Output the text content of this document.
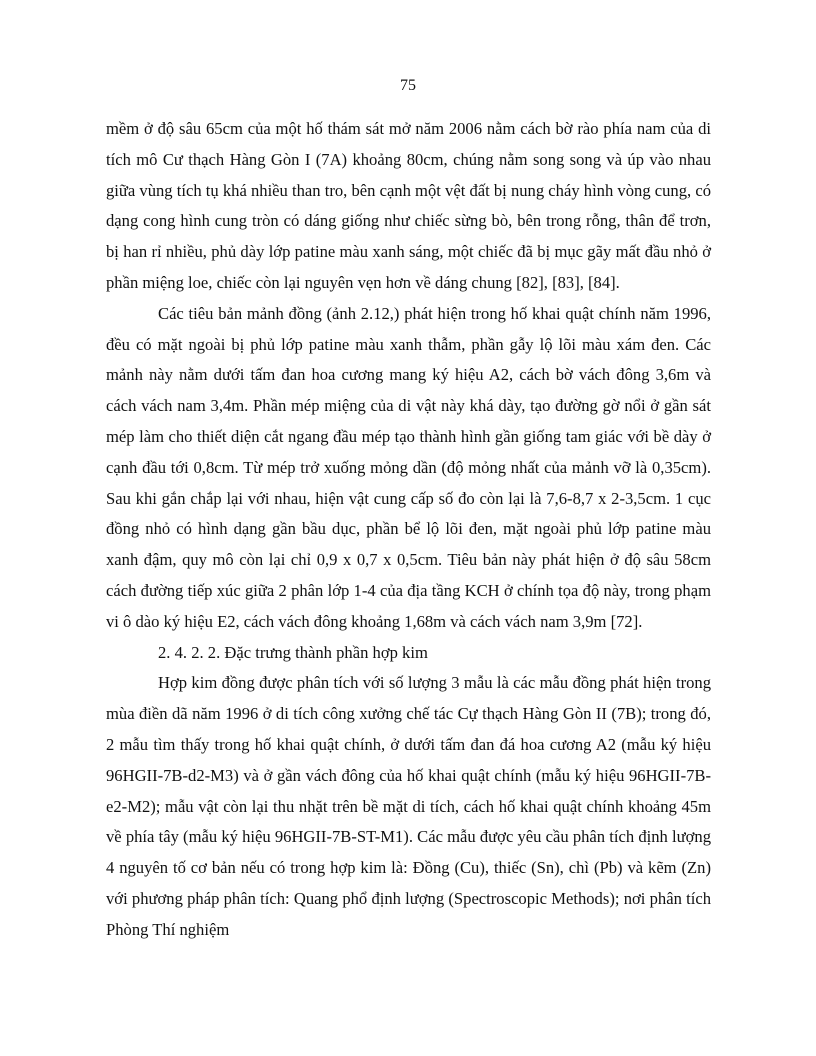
75

mềm ở độ sâu 65cm của một hố thám sát mở năm 2006 nằm cách bờ rào phía nam của di tích mô Cư thạch Hàng Gòn I (7A) khoảng 80cm, chúng nằm song song và úp vào nhau giữa vùng tích tụ khá nhiều than tro, bên cạnh một vệt đất bị nung cháy hình vòng cung, có dạng cong hình cung tròn có dáng giống như chiếc sừng bò, bên trong rỗng, thân để trơn, bị han rỉ nhiều, phủ dày lớp patine màu xanh sáng, một chiếc đã bị mục gãy mất đầu nhỏ ở phần miệng loe, chiếc còn lại nguyên vẹn hơn về dáng chung [82], [83], [84].

Các tiêu bản mảnh đồng (ảnh 2.12,) phát hiện trong hố khai quật chính năm 1996, đều có mặt ngoài bị phủ lớp patine màu xanh thẫm, phần gẫy lộ lõi màu xám đen. Các mảnh này nằm dưới tấm đan hoa cương mang ký hiệu A2, cách bờ vách đông 3,6m và cách vách nam 3,4m. Phần mép miệng của di vật này khá dày, tạo đường gờ nổi ở gần sát mép làm cho thiết diện cắt ngang đầu mép tạo thành hình gần giống tam giác với bề dày ở cạnh đầu tới 0,8cm. Từ mép trở xuống mỏng dần (độ mỏng nhất của mảnh vỡ là 0,35cm). Sau khi gắn chắp lại với nhau, hiện vật cung cấp số đo còn lại là 7,6-8,7 x 2-3,5cm. 1 cục đồng nhỏ có hình dạng gần bầu dục, phần bể lộ lõi đen, mặt ngoài phủ lớp patine màu xanh đậm, quy mô còn lại chỉ 0,9 x 0,7 x 0,5cm. Tiêu bản này phát hiện ở độ sâu 58cm cách đường tiếp xúc giữa 2 phân lớp 1-4 của địa tầng KCH ở chính tọa độ này, trong phạm vi ô dào ký hiệu E2, cách vách đông khoảng 1,68m và cách vách nam 3,9m [72].

2. 4. 2. 2. Đặc trưng thành phần hợp kim

Hợp kim đồng được phân tích với số lượng 3 mẫu là các mẫu đồng phát hiện trong mùa điền dã năm 1996 ở di tích công xưởng chế tác Cự thạch Hàng Gòn II (7B); trong đó, 2 mẫu tìm thấy trong hố khai quật chính, ở dưới tấm đan đá hoa cương A2 (mẫu ký hiệu 96HGII-7B-d2-M3) và ở gần vách đông của hố khai quật chính (mẫu ký hiệu 96HGII-7B-e2-M2); mẫu vật còn lại thu nhặt trên bề mặt di tích, cách hố khai quật chính khoảng 45m về phía tây (mẫu ký hiệu 96HGII-7B-ST-M1). Các mẫu được yêu cầu phân tích định lượng 4 nguyên tố cơ bản nếu có trong hợp kim là: Đồng (Cu), thiếc (Sn), chì (Pb) và kẽm (Zn) với phương pháp phân tích: Quang phổ định lượng (Spectroscopic Methods); nơi phân tích Phòng Thí nghiệm
